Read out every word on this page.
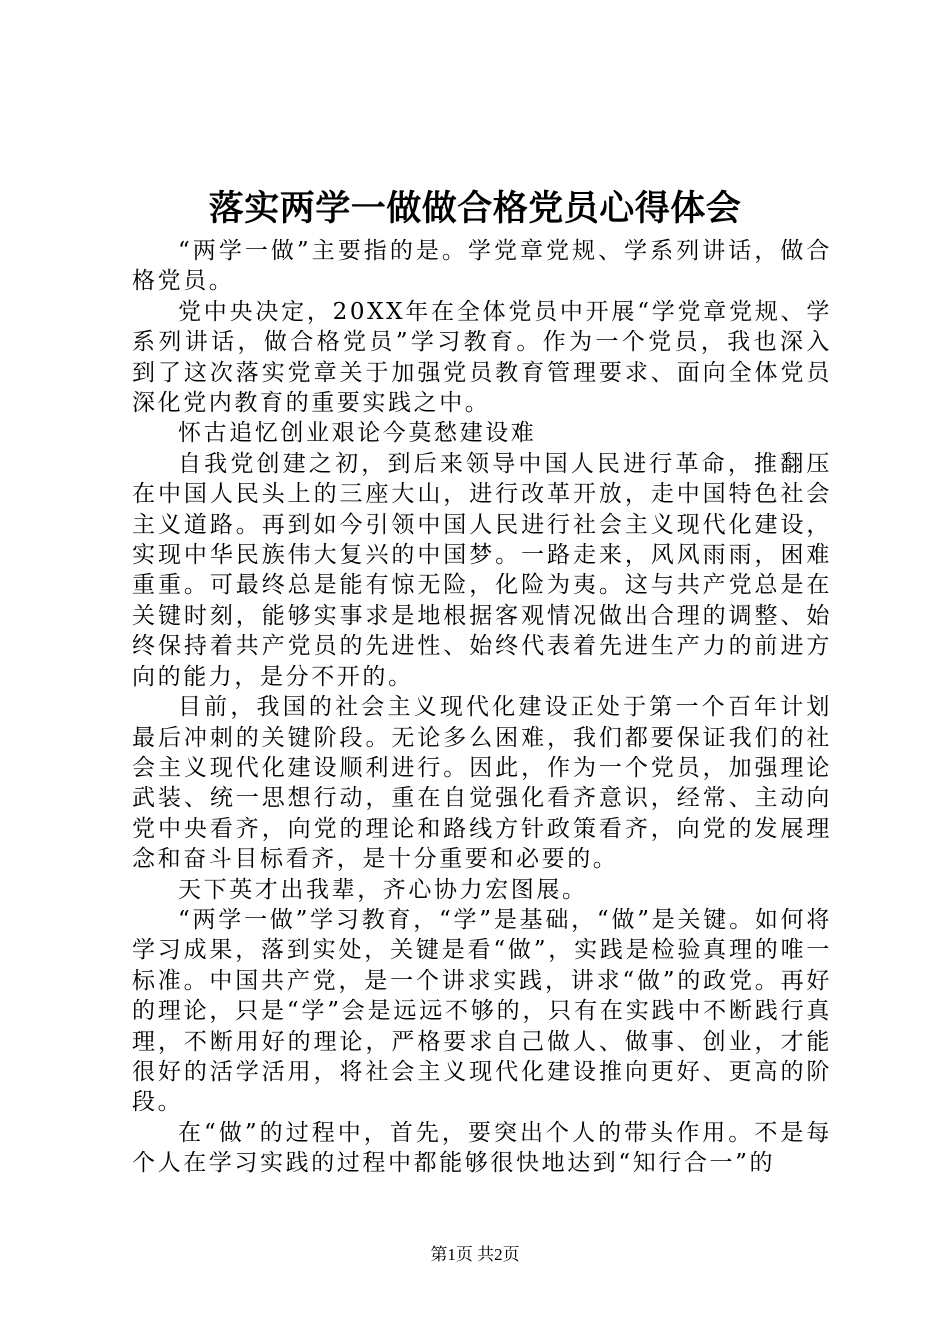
落实两学一做做合格党员心得体会

“两学一做”主要指的是。学党章党规、学系列讲话，做合格党员。

党中央决定，20XX年在全体党员中开展“学党章党规、学系列讲话，做合格党员”学习教育。作为一个党员，我也深入到了这次落实党章关于加强党员教育管理要求、面向全体党员深化党内教育的重要实践之中。

怀古追忆创业艰论今莫愁建设难

自我党创建之初，到后来领导中国人民进行革命，推翻压在中国人民头上的三座大山，进行改革开放，走中国特色社会主义道路。再到如今引领中国人民进行社会主义现代化建设，实现中华民族伟大复兴的中国梦。一路走来，风风雨雨，困难重重。可最终总是能有惊无险，化险为夷。这与共产党总是在关键时刻，能够实事求是地根据客观情况做出合理的调整、始终保持着共产党员的先进性、始终代表着先进生产力的前进方向的能力，是分不开的。

目前，我国的社会主义现代化建设正处于第一个百年计划最后冲刺的关键阶段。无论多么困难，我们都要保证我们的社会主义现代化建设顺利进行。因此，作为一个党员，加强理论武装、统一思想行动，重在自觉强化看齐意识，经常、主动向党中央看齐，向党的理论和路线方针政策看齐，向党的发展理念和奋斗目标看齐，是十分重要和必要的。

天下英才出我辈，齐心协力宏图展。

“两学一做”学习教育，“学”是基础，“做”是关键。如何将学习成果，落到实处，关键是看“做”，实践是检验真理的唯一标准。中国共产党，是一个讲求实践，讲求“做”的政党。再好的理论，只是“学”会是远远不够的，只有在实践中不断践行真理，不断用好的理论，严格要求自己做人、做事、创业，才能很好的活学活用，将社会主义现代化建设推向更好、更高的阶段。

在“做”的过程中，首先，要突出个人的带头作用。不是每个人在学习实践的过程中都能够很快地达到“知行合一”的

第1页 共2页
